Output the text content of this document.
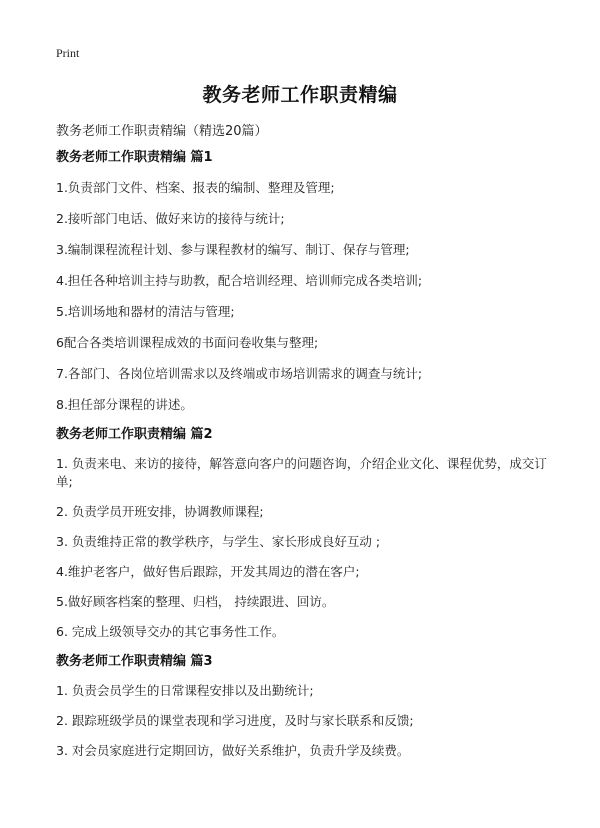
Print
教务老师工作职责精编
教务老师工作职责精编（精选20篇）

教务老师工作职责精编 篇1

1.负责部门文件、档案、报表的编制、整理及管理;

2.接听部门电话、做好来访的接待与统计;

3.编制课程流程计划、参与课程教材的编写、制订、保存与管理;

4.担任各种培训主持与助教，配合培训经理、培训师完成各类培训;

5.培训场地和器材的清洁与管理;

6配合各类培训课程成效的书面问卷收集与整理;

7.各部门、各岗位培训需求以及终端或市场培训需求的调查与统计;

8.担任部分课程的讲述。

教务老师工作职责精编 篇2

1. 负责来电、来访的接待，解答意向客户的问题咨询，介绍企业文化、课程优势，成交订单;

2. 负责学员开班安排，协调教师课程;

3. 负责维持正常的教学秩序，与学生、家长形成良好互动 ;

4.维护老客户，做好售后跟踪，开发其周边的潜在客户;

5.做好顾客档案的整理、归档， 持续跟进、回访。

6. 完成上级领导交办的其它事务性工作。

教务老师工作职责精编 篇3

1. 负责会员学生的日常课程安排以及出勤统计;

2. 跟踪班级学员的课堂表现和学习进度，及时与家长联系和反馈;

3. 对会员家庭进行定期回访，做好关系维护，负责升学及续费。
